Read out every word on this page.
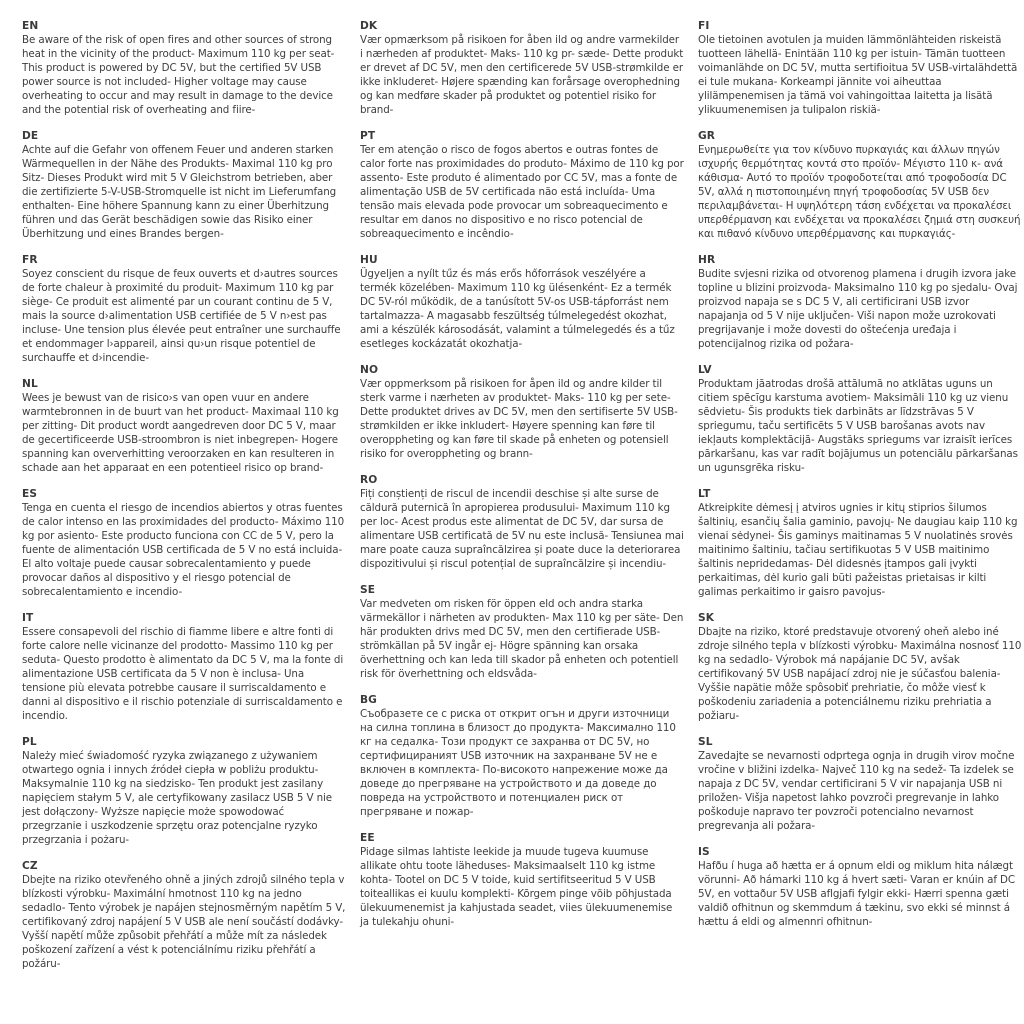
EN

Be aware of the risk of open fires and other sources of strong heat in the vicinity of the product- Maximum 110 kg per seat- This product is powered by DC 5V, but the certified 5V USB power source is not included- Higher voltage may cause overheating to occur and may result in damage to the device and the potential risk of overheating and fiire-

DE

Achte auf die Gefahr von offenem Feuer und anderen starken Wärmequellen in der Nähe des Produkts- Maximal 110 kg pro Sitz- Dieses Produkt wird mit 5 V Gleichstrom betrieben, aber die zertifizierte 5-V-USB-Stromquelle ist nicht im Lieferumfang enthalten- Eine höhere Spannung kann zu einer Überhitzung führen und das Gerät beschädigen sowie das Risiko einer Überhitzung und eines Brandes bergen-

FR

Soyez conscient du risque de feux ouverts et d›autres sources de forte chaleur à proximité du produit- Maximum 110 kg par siège- Ce produit est alimenté par un courant continu de 5 V, mais la source d›alimentation USB certifiée de 5 V n›est pas incluse- Une tension plus élevée peut entraîner une surchauffe et endommager l›appareil, ainsi qu›un risque potentiel de surchauffe et d›incendie-

NL

Wees je bewust van de risico›s van open vuur en andere warmtebronnen in de buurt van het product- Maximaal 110 kg per zitting- Dit product wordt aangedreven door DC 5 V, maar de gecertificeerde USB-stroombron is niet inbegrepen- Hogere spanning kan oververhitting veroorzaken en kan resulteren in schade aan het apparaat en een potentieel risico op brand-

ES

Tenga en cuenta el riesgo de incendios abiertos y otras fuentes de calor intenso en las proximidades del producto- Máximo 110 kg por asiento- Este producto funciona con CC de 5 V, pero la fuente de alimentación USB certificada de 5 V no está incluida- El alto voltaje puede causar sobrecalentamiento y puede provocar daños al dispositivo y el riesgo potencial de sobrecalentamiento e incendio-

IT

Essere consapevoli del rischio di fiamme libere e altre fonti di forte calore nelle vicinanze del prodotto- Massimo 110 kg per seduta- Questo prodotto è alimentato da DC 5 V, ma la fonte di alimentazione USB certificata da 5 V non è inclusa- Una tensione più elevata potrebbe causare il surriscaldamento e danni al dispositivo e il rischio potenziale di surriscaldamento e incendio.

PL

Należy mieć świadomość ryzyka związanego z używaniem otwartego ognia i innych źródeł ciepła w pobliżu produktu- Maksymalnie 110 kg na siedzisko- Ten produkt jest zasilany napięciem stałym 5 V, ale certyfikowany zasilacz USB 5 V nie jest dołączony- Wyższe napięcie może spowodować przegrzanie i uszkodzenie sprzętu oraz potencjalne ryzyko przegrzania i pożaru-

CZ

Dbejte na riziko otevřeného ohně a jiných zdrojů silného tepla v blízkosti výrobku- Maximální hmotnost 110 kg na jedno sedadlo- Tento výrobek je napájen stejnosměrným napětím 5 V, certifikovaný zdroj napájení 5 V USB ale není součástí dodávky- Vyšší napětí může způsobit přehřátí a může mít za následek poškození zařízení a vést k potenciálnímu riziku přehřátí a požáru-

DK

Vær opmærksom på risikoen for åben ild og andre varmekilder i nærheden af produktet- Maks- 110 kg pr- sæde- Dette produkt er drevet af DC 5V, men den certificerede 5V USB-strømkilde er ikke inkluderet- Højere spænding kan forårsage overophedning og kan medføre skader på produktet og potentiel risiko for brand-

PT

Ter em atenção o risco de fogos abertos e outras fontes de calor forte nas proximidades do produto- Máximo de 110 kg por assento- Este produto é alimentado por CC 5V, mas a fonte de alimentação USB de 5V certificada não está incluída- Uma tensão mais elevada pode provocar um sobreaquecimento e resultar em danos no dispositivo e no risco potencial de sobreaquecimento e incêndio-

HU

Ügyeljen a nyílt tűz és más erős hőforrások veszélyére a termék közelében- Maximum 110 kg ülésenként- Ez a termék DC 5V-ról működik, de a tanúsított 5V-os USB-tápforrást nem tartalmazza- A magasabb feszültség túlmelegedést okozhat, ami a készülék károsodását, valamint a túlmelegedés és a tűz esetleges kockázatát okozhatja-

NO

Vær oppmerksom på risikoen for åpen ild og andre kilder til sterk varme i nærheten av produktet- Maks- 110 kg per sete- Dette produktet drives av DC 5V, men den sertifiserte 5V USB-strømkilden er ikke inkludert- Høyere spenning kan føre til overoppheting og kan føre til skade på enheten og potensiell risiko for overoppheting og brann-

RO

Fiți conștienți de riscul de incendii deschise și alte surse de căldură puternică în apropierea produsului- Maximum 110 kg per loc- Acest produs este alimentat de DC 5V, dar sursa de alimentare USB certificată de 5V nu este inclusă- Tensiunea mai mare poate cauza supraîncălzirea și poate duce la deteriorarea dispozitivului și riscul potențial de supraîncălzire și incendiu-

SE

Var medveten om risken för öppen eld och andra starka värmekällor i närheten av produkten- Max 110 kg per säte- Den här produkten drivs med DC 5V, men den certifierade USB-strömkällan på 5V ingår ej- Högre spänning kan orsaka överhettning och kan leda till skador på enheten och potentiell risk för överhettning och eldsvåda-

BG

Съобразете се с риска от открит огън и други източници на силна топлина в близост до продукта- Максимално 110 кг на седалка- Този продукт се захранва от DC 5V, но сертифицираният USB източник на захранване 5V не е включен в комплекта- По-високото напрежение може да доведе до прегряване на устройството и да доведе до повреда на устройството и потенциален риск от прегряване и пожар-

EE

Pidage silmas lahtiste leekide ja muude tugeva kuumuse allikate ohtu toote läheduses- Maksimaalselt 110 kg istme kohta- Tootel on DC 5 V toide, kuid sertifitseeritud 5 V USB toiteallikas ei kuulu komplekti- Kõrgem pinge võib põhjustada ülekuumenemist ja kahjustada seadet, viies ülekuumenemise ja tulekahju ohuni-

FI

Ole tietoinen avotulen ja muiden lämmönlähteiden riskeistä tuotteen lähellä- Enintään 110 kg per istuin- Tämän tuotteen voimanlähde on DC 5V, mutta sertifioitua 5V USB-virtalähdettä ei tule mukana- Korkeampi jännite voi aiheuttaa ylilämpenemisen ja tämä voi vahingoittaa laitetta ja lisätä ylikuumenemisen ja tulipalon riskiä-

GR

Ενημερωθείτε για τον κίνδυνο πυρκαγιάς και άλλων πηγών ισχυρής θερμότητας κοντά στο προϊόν- Μέγιστο 110 κ- ανά κάθισμα- Αυτό το προϊόν τροφοδοτείται από τροφοδοσία DC 5V, αλλά η πιστοποιημένη πηγή τροφοδοσίας 5V USB δεν περιλαμβάνεται- Η υψηλότερη τάση ενδέχεται να προκαλέσει υπερθέρμανση και ενδέχεται να προκαλέσει ζημιά στη συσκευή και πιθανό κίνδυνο υπερθέρμανσης και πυρκαγιάς-

HR

Budite svjesni rizika od otvorenog plamena i drugih izvora jake topline u blizini proizvoda- Maksimalno 110 kg po sjedalu- Ovaj proizvod napaja se s DC 5 V, ali certificirani USB izvor napajanja od 5 V nije uključen- Viši napon može uzrokovati pregrijavanje i može dovesti do oštećenja uređaja i potencijalnog rizika od požara-

LV

Produktam jāatrodas drošā attālumā no atklātas uguns un citiem spēcīgu karstuma avotiem- Maksimāli 110 kg uz vienu sēdvietu- Šis produkts tiek darbināts ar līdzstrāvas 5 V spriegumu, taču sertificēts 5 V USB barošanas avots nav iekļauts komplektācijā- Augstāks spriegums var izraisīt ierīces pārkaršanu, kas var radīt bojājumus un potenciālu pārkaršanas un ugunsgrēka risku-

LT

Atkreipkite dėmesį į atviros ugnies ir kitų stiprios šilumos šaltinių, esančių šalia gaminio, pavojų- Ne daugiau kaip 110 kg vienai sėdynei- Šis gaminys maitinamas 5 V nuolatinės srovės maitinimo šaltiniu, tačiau sertifikuotas 5 V USB maitinimo šaltinis nepridedamas- Dėl didesnės įtampos gali įvykti perkaitimas, dėl kurio gali būti pažeistas prietaisas ir kilti galimas perkaitimo ir gaisro pavojus-

SK

Dbajte na riziko, ktoré predstavuje otvorený oheň alebo iné zdroje silného tepla v blízkosti výrobku- Maximálna nosnosť 110 kg na sedadlo- Výrobok má napájanie DC 5V, avšak certifikovaný 5V USB napájací zdroj nie je súčasťou balenia- Vyššie napätie môže spôsobiť prehriatie, čo môže viesť k poškodeniu zariadenia a potenciálnemu riziku prehriatia a požiaru-

SL

Zavedajte se nevarnosti odprtega ognja in drugih virov močne vročine v bližini izdelka- Največ 110 kg na sedež- Ta izdelek se napaja z DC 5V, vendar certificirani 5 V vir napajanja USB ni priložen- Višja napetost lahko povzroči pregrevanje in lahko poškoduje napravo ter povzroči potencialno nevarnost pregrevanja ali požara-

IS

Hafðu í huga að hætta er á opnum eldi og miklum hita nálægt vörunni- Að hámarki 110 kg á hvert sæti- Varan er knúin af DC 5V, en vottaður 5V USB aflgjafi fylgir ekki- Hærri spenna gæti valdið ofhitnun og skemmdum á tækinu, svo ekki sé minnst á hættu á eldi og almennri ofhitnun-
